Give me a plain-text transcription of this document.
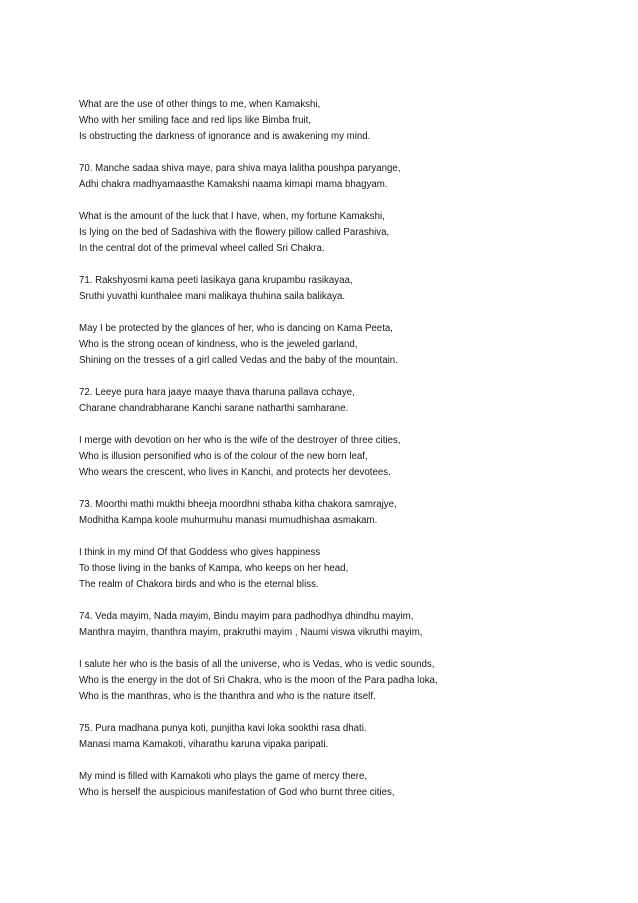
What are the use of other things to me, when Kamakshi,
Who with her smiling face and red lips like Bimba fruit,
Is obstructing the darkness of ignorance and is awakening my mind.
70. Manche sadaa shiva maye, para shiva maya lalitha poushpa paryange,
Adhi chakra madhyamaasthe Kamakshi naama kimapi mama bhagyam.
What is the amount of the luck that I have, when, my fortune Kamakshi,
Is lying on the bed of Sadashiva with the flowery pillow called Parashiva,
In the central dot of the primeval wheel called Sri Chakra.
71. Rakshyosmi kama peeti lasikaya gana krupambu rasikayaa,
Sruthi yuvathi kunthalee mani malikaya thuhina saila balikaya.
May I be protected by the glances of her, who is dancing on Kama Peeta,
Who is the strong ocean of kindness, who is the jeweled garland,
Shining on the tresses of a girl called Vedas and the baby of the mountain.
72. Leeye pura hara jaaye maaye thava tharuna pallava cchaye,
Charane chandrabharane Kanchi sarane natharthi samharane.
I merge with devotion on her who is the wife of the destroyer of three cities,
Who is illusion personified who is of the colour of the new born leaf,
Who wears the crescent, who lives in Kanchi, and protects her devotees.
73. Moorthi mathi mukthi bheeja moordhni sthaba kitha chakora samrajye,
Modhitha Kampa koole muhurmuhu manasi mumudhishaa asmakam.
I think in my mind Of that Goddess who gives happiness
To those living in the banks of Kampa, who keeps on her head,
The realm of Chakora birds and who is the eternal bliss.
74. Veda mayim, Nada mayim, Bindu mayim para padhodhya dhindhu mayim,
Manthra mayim, thanthra mayim, prakruthi mayim , Naumi viswa vikruthi mayim,
I salute her who is the basis of all the universe, who is Vedas, who is vedic sounds,
Who is the energy in the dot of Sri Chakra, who is the moon of the Para padha loka,
Who is the manthras, who is the thanthra and who is the nature itself.
75. Pura madhana punya koti, punjitha kavi loka sookthi rasa dhati.
Manasi mama Kamakoti, viharathu karuna vipaka paripati.
My mind is filled with Kamakoti who plays the game of mercy there,
Who is herself the auspicious manifestation of God who burnt three cities,
